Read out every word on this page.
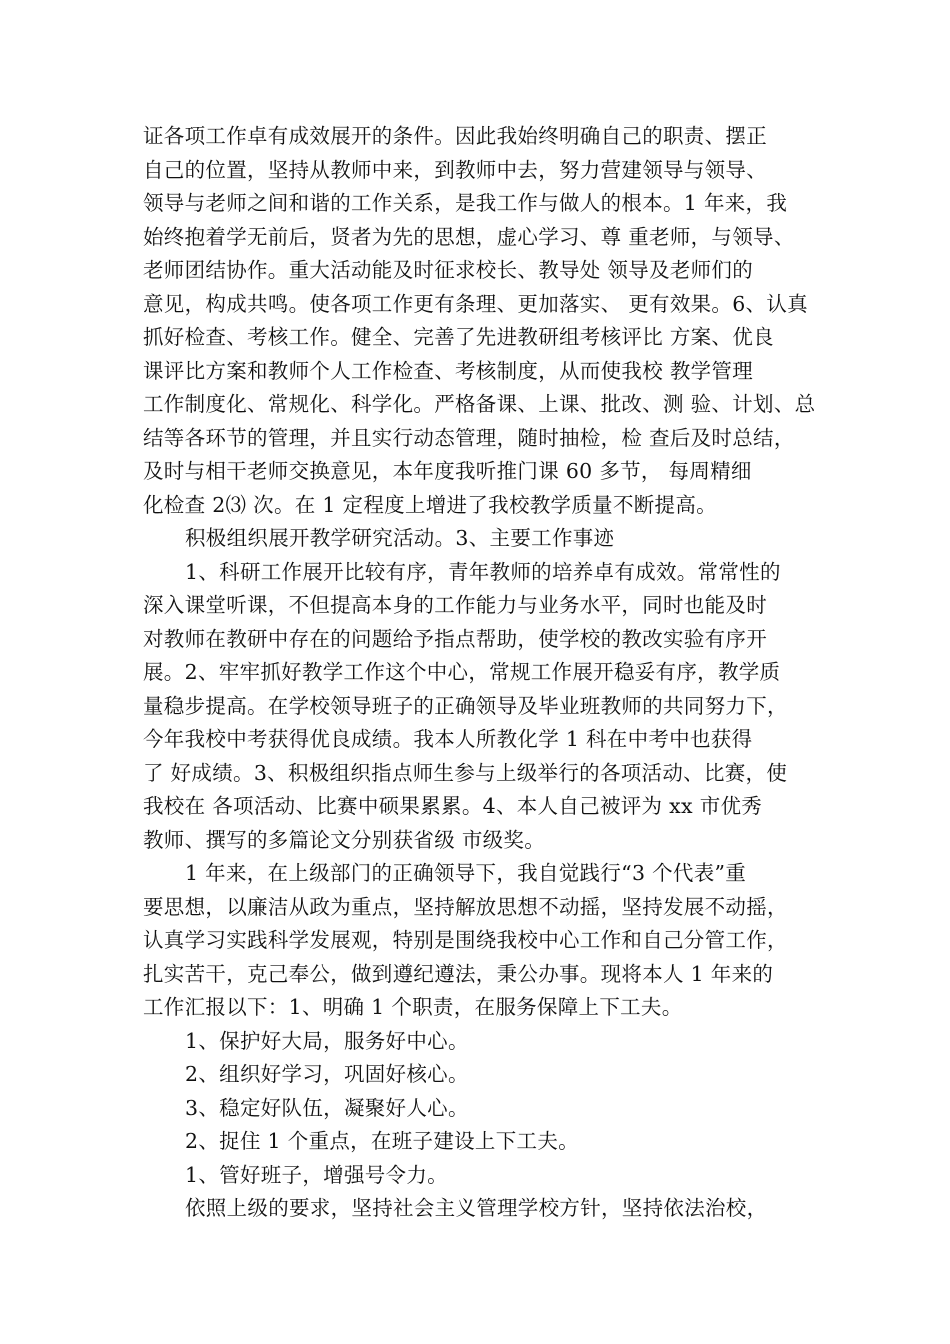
证各项工作卓有成效展开的条件。因此我始终明确自己的职责、摆正
自己的位置，坚持从教师中来，到教师中去，努力营建领导与领导、
领导与老师之间和谐的工作关系，是我工作与做人的根本。1 年来，我
始终抱着学无前后，贤者为先的思想，虚心学习、尊 重老师，与领导、
老师团结协作。重大活动能及时征求校长、教导处 领导及老师们的
意见，构成共鸣。使各项工作更有条理、更加落实、 更有效果。6、认真
抓好检查、考核工作。健全、完善了先进教研组考核评比 方案、优良
课评比方案和教师个人工作检查、考核制度，从而使我校 教学管理
工作制度化、常规化、科学化。严格备课、上课、批改、测 验、计划、总
结等各环节的管理，并且实行动态管理，随时抽检，检 查后及时总结，
及时与相干老师交换意见，本年度我听推门课 60 多节， 每周精细
化检查 2⑶ 次。在 1 定程度上增进了我校教学质量不断提高。
积极组织展开教学研究活动。3、主要工作事迹
1、科研工作展开比较有序，青年教师的培养卓有成效。常常性的
深入课堂听课，不但提高本身的工作能力与业务水平，同时也能及时
对教师在教研中存在的问题给予指点帮助，使学校的教改实验有序开
展。2、牢牢抓好教学工作这个中心，常规工作展开稳妥有序，教学质
量稳步提高。在学校领导班子的正确领导及毕业班教师的共同努力下，
今年我校中考获得优良成绩。我本人所教化学 1 科在中考中也获得
了 好成绩。3、积极组织指点师生参与上级举行的各项活动、比赛，使
我校在 各项活动、比赛中硕果累累。4、本人自己被评为 xx 市优秀
教师、撰写的多篇论文分别获省级 市级奖。
1 年来，在上级部门的正确领导下，我自觉践行“3 个代表”重
要思想，以廉洁从政为重点，坚持解放思想不动摇，坚持发展不动摇，
认真学习实践科学发展观，特别是围绕我校中心工作和自己分管工作，
扎实苦干，克己奉公，做到遵纪遵法，秉公办事。现将本人 1 年来的
工作汇报以下：1、明确 1 个职责，在服务保障上下工夫。
1、保护好大局，服务好中心。
2、组织好学习，巩固好核心。
3、稳定好队伍，凝聚好人心。
2、捉住 1 个重点，在班子建设上下工夫。
1、管好班子，增强号令力。
依照上级的要求，坚持社会主义管理学校方针，坚持依法治校，
